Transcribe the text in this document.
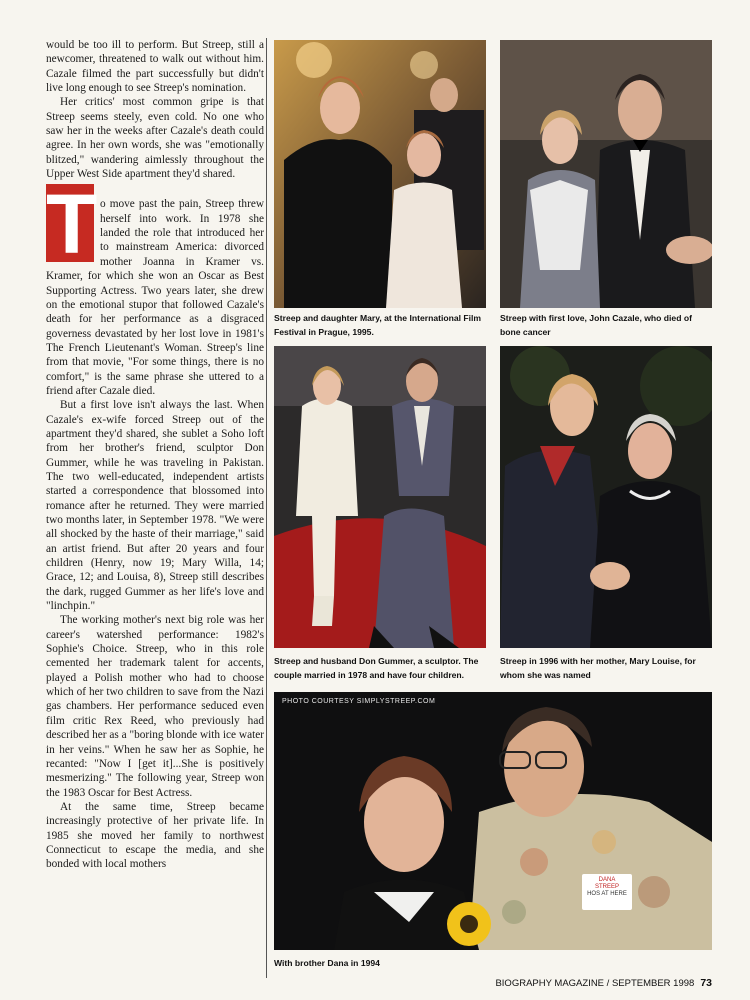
would be too ill to perform. But Streep, still a newcomer, threatened to walk out without him. Cazale filmed the part successfully but didn't live long enough to see Streep's nomination.

Her critics' most common gripe is that Streep seems steely, even cold. No one who saw her in the weeks after Cazale's death could agree. In her own words, she was "emotionally blitzed," wandering aimlessly throughout the Upper West Side apartment they'd shared.

T o move past the pain, Streep threw herself into work. In 1978 she landed the role that introduced her to mainstream America: divorced mother Joanna in Kramer vs. Kramer, for which she won an Oscar as Best Supporting Actress. Two years later, she drew on the emotional stupor that followed Cazale's death for her performance as a disgraced governess devastated by her lost love in 1981's The French Lieutenant's Woman. Streep's line from that movie, "For some things, there is no comfort," is the same phrase she uttered to a friend after Cazale died.

But a first love isn't always the last. When Cazale's ex-wife forced Streep out of the apartment they'd shared, she sublet a Soho loft from her brother's friend, sculptor Don Gummer, while he was traveling in Pakistan. The two well-educated, independent artists started a correspondence that blossomed into romance after he returned. They were married two months later, in September 1978. "We were all shocked by the haste of their marriage," said an artist friend. But after 20 years and four children (Henry, now 19; Mary Willa, 14; Grace, 12; and Louisa, 8), Streep still describes the dark, rugged Gummer as her life's love and "linchpin."

The working mother's next big role was her career's watershed performance: 1982's Sophie's Choice. Streep, who in this role cemented her trademark talent for accents, played a Polish mother who had to choose which of her two children to save from the Nazi gas chambers. Her performance seduced even film critic Rex Reed, who previously had described her as a "boring blonde with ice water in her veins." When he saw her as Sophie, he recanted: "Now I [get it]...She is positively mesmerizing." The following year, Streep won the 1983 Oscar for Best Actress.

At the same time, Streep became increasingly protective of her private life. In 1985 she moved her family to northwest Connecticut to escape the media, and she bonded with local mothers

Streep and daughter Mary, at the International Film Festival in Prague, 1995.
Streep with first love, John Cazale, who died of bone cancer
Streep and husband Don Gummer, a sculptor. The couple married in 1978 and have four children.
Streep in 1996 with her mother, Mary Louise, for whom she was named
PHOTO COURTESY SIMPLYSTREEP.COM
DANA
STREEP
HOS AT HERE
With brother Dana in 1994
BIOGRAPHY MAGAZINE / SEPTEMBER 1998 73
